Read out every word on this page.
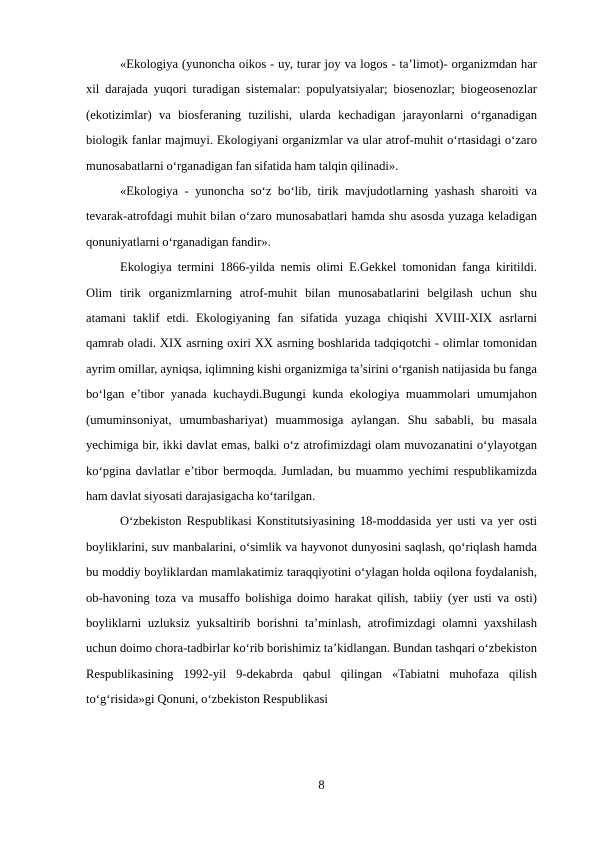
«Ekologiya (yunoncha oikos - uy, turar joy va logos - ta’limot)- organizmdan har xil darajada yuqori turadigan sistemalar: populyatsiyalar; biosenozlar; biogeosenozlar (ekotizimlar) va biosferaning tuzilishi, ularda kechadigan jarayonlarni o‘rganadigan biologik fanlar majmuyi. Ekologiyani organizmlar va ular atrof-muhit o‘rtasidagi o‘zaro munosabatlarni o‘rganadigan fan sifatida ham talqin qilinadi».

«Ekologiya - yunoncha so‘z bo‘lib, tirik mavjudotlarning yashash sharoiti va tevarak-atrofdagi muhit bilan o‘zaro munosabatlari hamda shu asosda yuzaga keladigan qonuniyatlarni o‘rganadigan fandir».

Ekologiya termini 1866-yilda nemis olimi E.Gekkel tomonidan fanga kiritildi. Olim tirik organizmlarning atrof-muhit bilan munosabatlarini belgilash uchun shu atamani taklif etdi. Ekologiyaning fan sifatida yuzaga chiqishi XVIII-XIX asrlarni qamrab oladi. XIX asrning oxiri XX asrning boshlarida tadqiqotchi - olimlar tomonidan ayrim omillar, ayniqsa, iqlimning kishi organizmiga ta’sirini o‘rganish natijasida bu fanga bo‘lgan e’tibor yanada kuchaydi.Bugungi kunda ekologiya muammolari umumjahon (umuminsoniyat, umumbashariyat) muammosiga aylangan. Shu sababli, bu masala yechimiga bir, ikki davlat emas, balki o‘z atrofimizdagi olam muvozanatini o‘ylayotgan ko‘pgina davlatlar e’tibor bermoqda. Jumladan, bu muammo yechimi respublikamizda ham davlat siyosati darajasigacha ko‘tarilgan.

O‘zbekiston Respublikasi Konstitutsiyasining 18-moddasida yer usti va yer osti boyliklarini, suv manbalarini, o‘simlik va hayvonot dunyosini saqlash, qo‘riqlash hamda bu moddiy boyliklardan mamlakatimiz taraqqiyotini o‘ylagan holda oqilona foydalanish, ob-havoning toza va musaffo bolishiga doimo harakat qilish, tabiiy (yer usti va osti) boyliklarni uzluksiz yuksaltirib borishni ta’minlash, atrofimizdagi olamni yaxshilash uchun doimo chora-tadbirlar ko‘rib borishimiz ta’kidlangan. Bundan tashqari o‘zbekiston Respublikasining 1992-yil 9-dekabrda qabul qilingan «Tabiatni muhofaza qilish to‘g‘risida»gi Qonuni, o‘zbekiston Respublikasi

8
